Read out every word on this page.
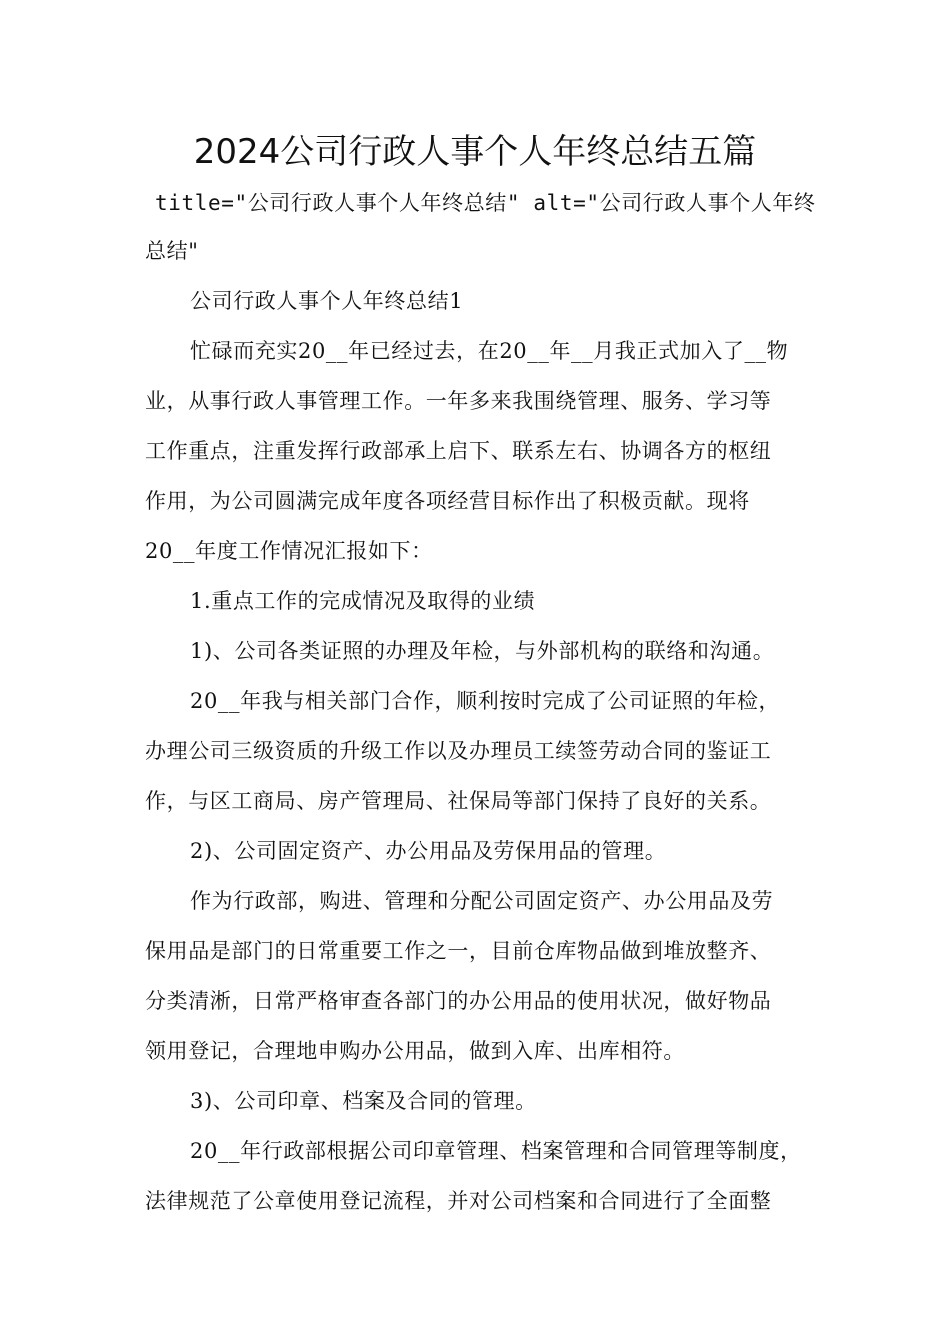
2024公司行政人事个人年终总结五篇
title="公司行政人事个人年终总结" alt="公司行政人事个人年终
总结"
公司行政人事个人年终总结1
忙碌而充实20__年已经过去，在20__年__月我正式加入了__物
业，从事行政人事管理工作。一年多来我围绕管理、服务、学习等
工作重点，注重发挥行政部承上启下、联系左右、协调各方的枢纽
作用，为公司圆满完成年度各项经营目标作出了积极贡献。现将
20__年度工作情况汇报如下：
1.重点工作的完成情况及取得的业绩
1)、公司各类证照的办理及年检，与外部机构的联络和沟通。
20__年我与相关部门合作，顺利按时完成了公司证照的年检，
办理公司三级资质的升级工作以及办理员工续签劳动合同的鉴证工
作，与区工商局、房产管理局、社保局等部门保持了良好的关系。
2)、公司固定资产、办公用品及劳保用品的管理。
作为行政部，购进、管理和分配公司固定资产、办公用品及劳
保用品是部门的日常重要工作之一，目前仓库物品做到堆放整齐、
分类清淅，日常严格审查各部门的办公用品的使用状况，做好物品
领用登记，合理地申购办公用品，做到入库、出库相符。
3)、公司印章、档案及合同的管理。
20__年行政部根据公司印章管理、档案管理和合同管理等制度，
法律规范了公章使用登记流程，并对公司档案和合同进行了全面整
